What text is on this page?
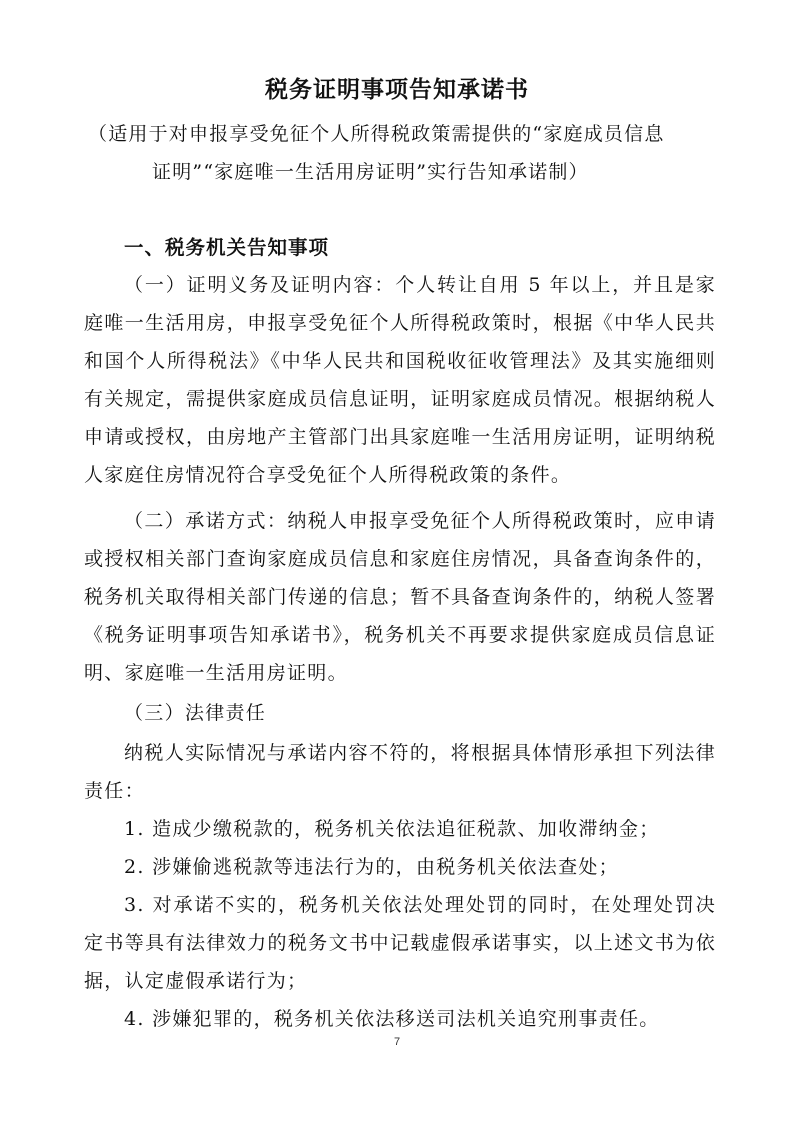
税务证明事项告知承诺书

（适用于对申报享受免征个人所得税政策需提供的“家庭成员信息

证明”“家庭唯一生活用房证明”实行告知承诺制）

一、税务机关告知事项

（一）证明义务及证明内容：个人转让自用 5 年以上，并且是家庭唯一生活用房，申报享受免征个人所得税政策时，根据《中华人民共和国个人所得税法》《中华人民共和国税收征收管理法》及其实施细则有关规定，需提供家庭成员信息证明，证明家庭成员情况。根据纳税人申请或授权，由房地产主管部门出具家庭唯一生活用房证明，证明纳税人家庭住房情况符合享受免征个人所得税政策的条件。

（二）承诺方式：纳税人申报享受免征个人所得税政策时，应申请或授权相关部门查询家庭成员信息和家庭住房情况，具备查询条件的，税务机关取得相关部门传递的信息；暂不具备查询条件的，纳税人签署《税务证明事项告知承诺书》，税务机关不再要求提供家庭成员信息证明、家庭唯一生活用房证明。

（三）法律责任

纳税人实际情况与承诺内容不符的，将根据具体情形承担下列法律责任：

1. 造成少缴税款的，税务机关依法追征税款、加收滞纳金；

2. 涉嫌偷逃税款等违法行为的，由税务机关依法查处；

3. 对承诺不实的，税务机关依法处理处罚的同时，在处理处罚决定书等具有法律效力的税务文书中记载虚假承诺事实，以上述文书为依据，认定虚假承诺行为；

4. 涉嫌犯罪的，税务机关依法移送司法机关追究刑事责任。

7
